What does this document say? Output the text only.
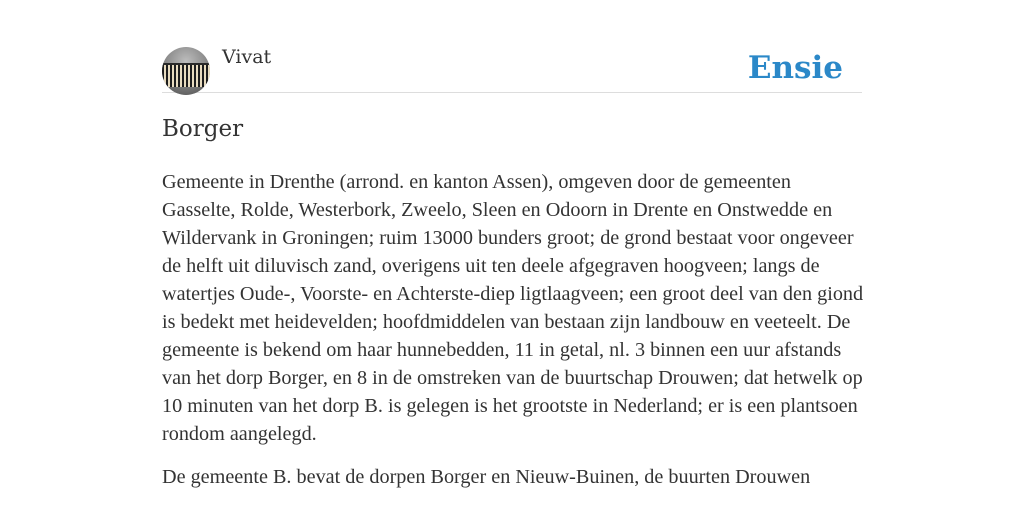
Vivat	Ensie
Borger

Gemeente in Drenthe (arrond. en kanton Assen), omgeven door de gemeenten Gasselte, Rolde, Westerbork, Zweelo, Sleen en Odoorn in Drente en Onstwedde en Wildervank in Groningen; ruim 13000 bunders groot; de grond bestaat voor ongeveer de helft uit diluvisch zand, overigens uit ten deele afgegraven hoogveen; langs de watertjes Oude-, Voorste- en Achterste-diep ligtlaagveen; een groot deel van den giond is bedekt met heidevelden; hoofdmiddelen van bestaan zijn landbouw en veeteelt. De gemeente is bekend om haar hunnebedden, 11 in getal, nl. 3 binnen een uur afstands van het dorp Borger, en 8 in de omstreken van de buurtschap Drouwen; dat hetwelk op 10 minuten van het dorp B. is gelegen is het grootste in Nederland; er is een plantsoen rondom aangelegd.

De gemeente B. bevat de dorpen Borger en Nieuw-Buinen, de buurten Drouwen
